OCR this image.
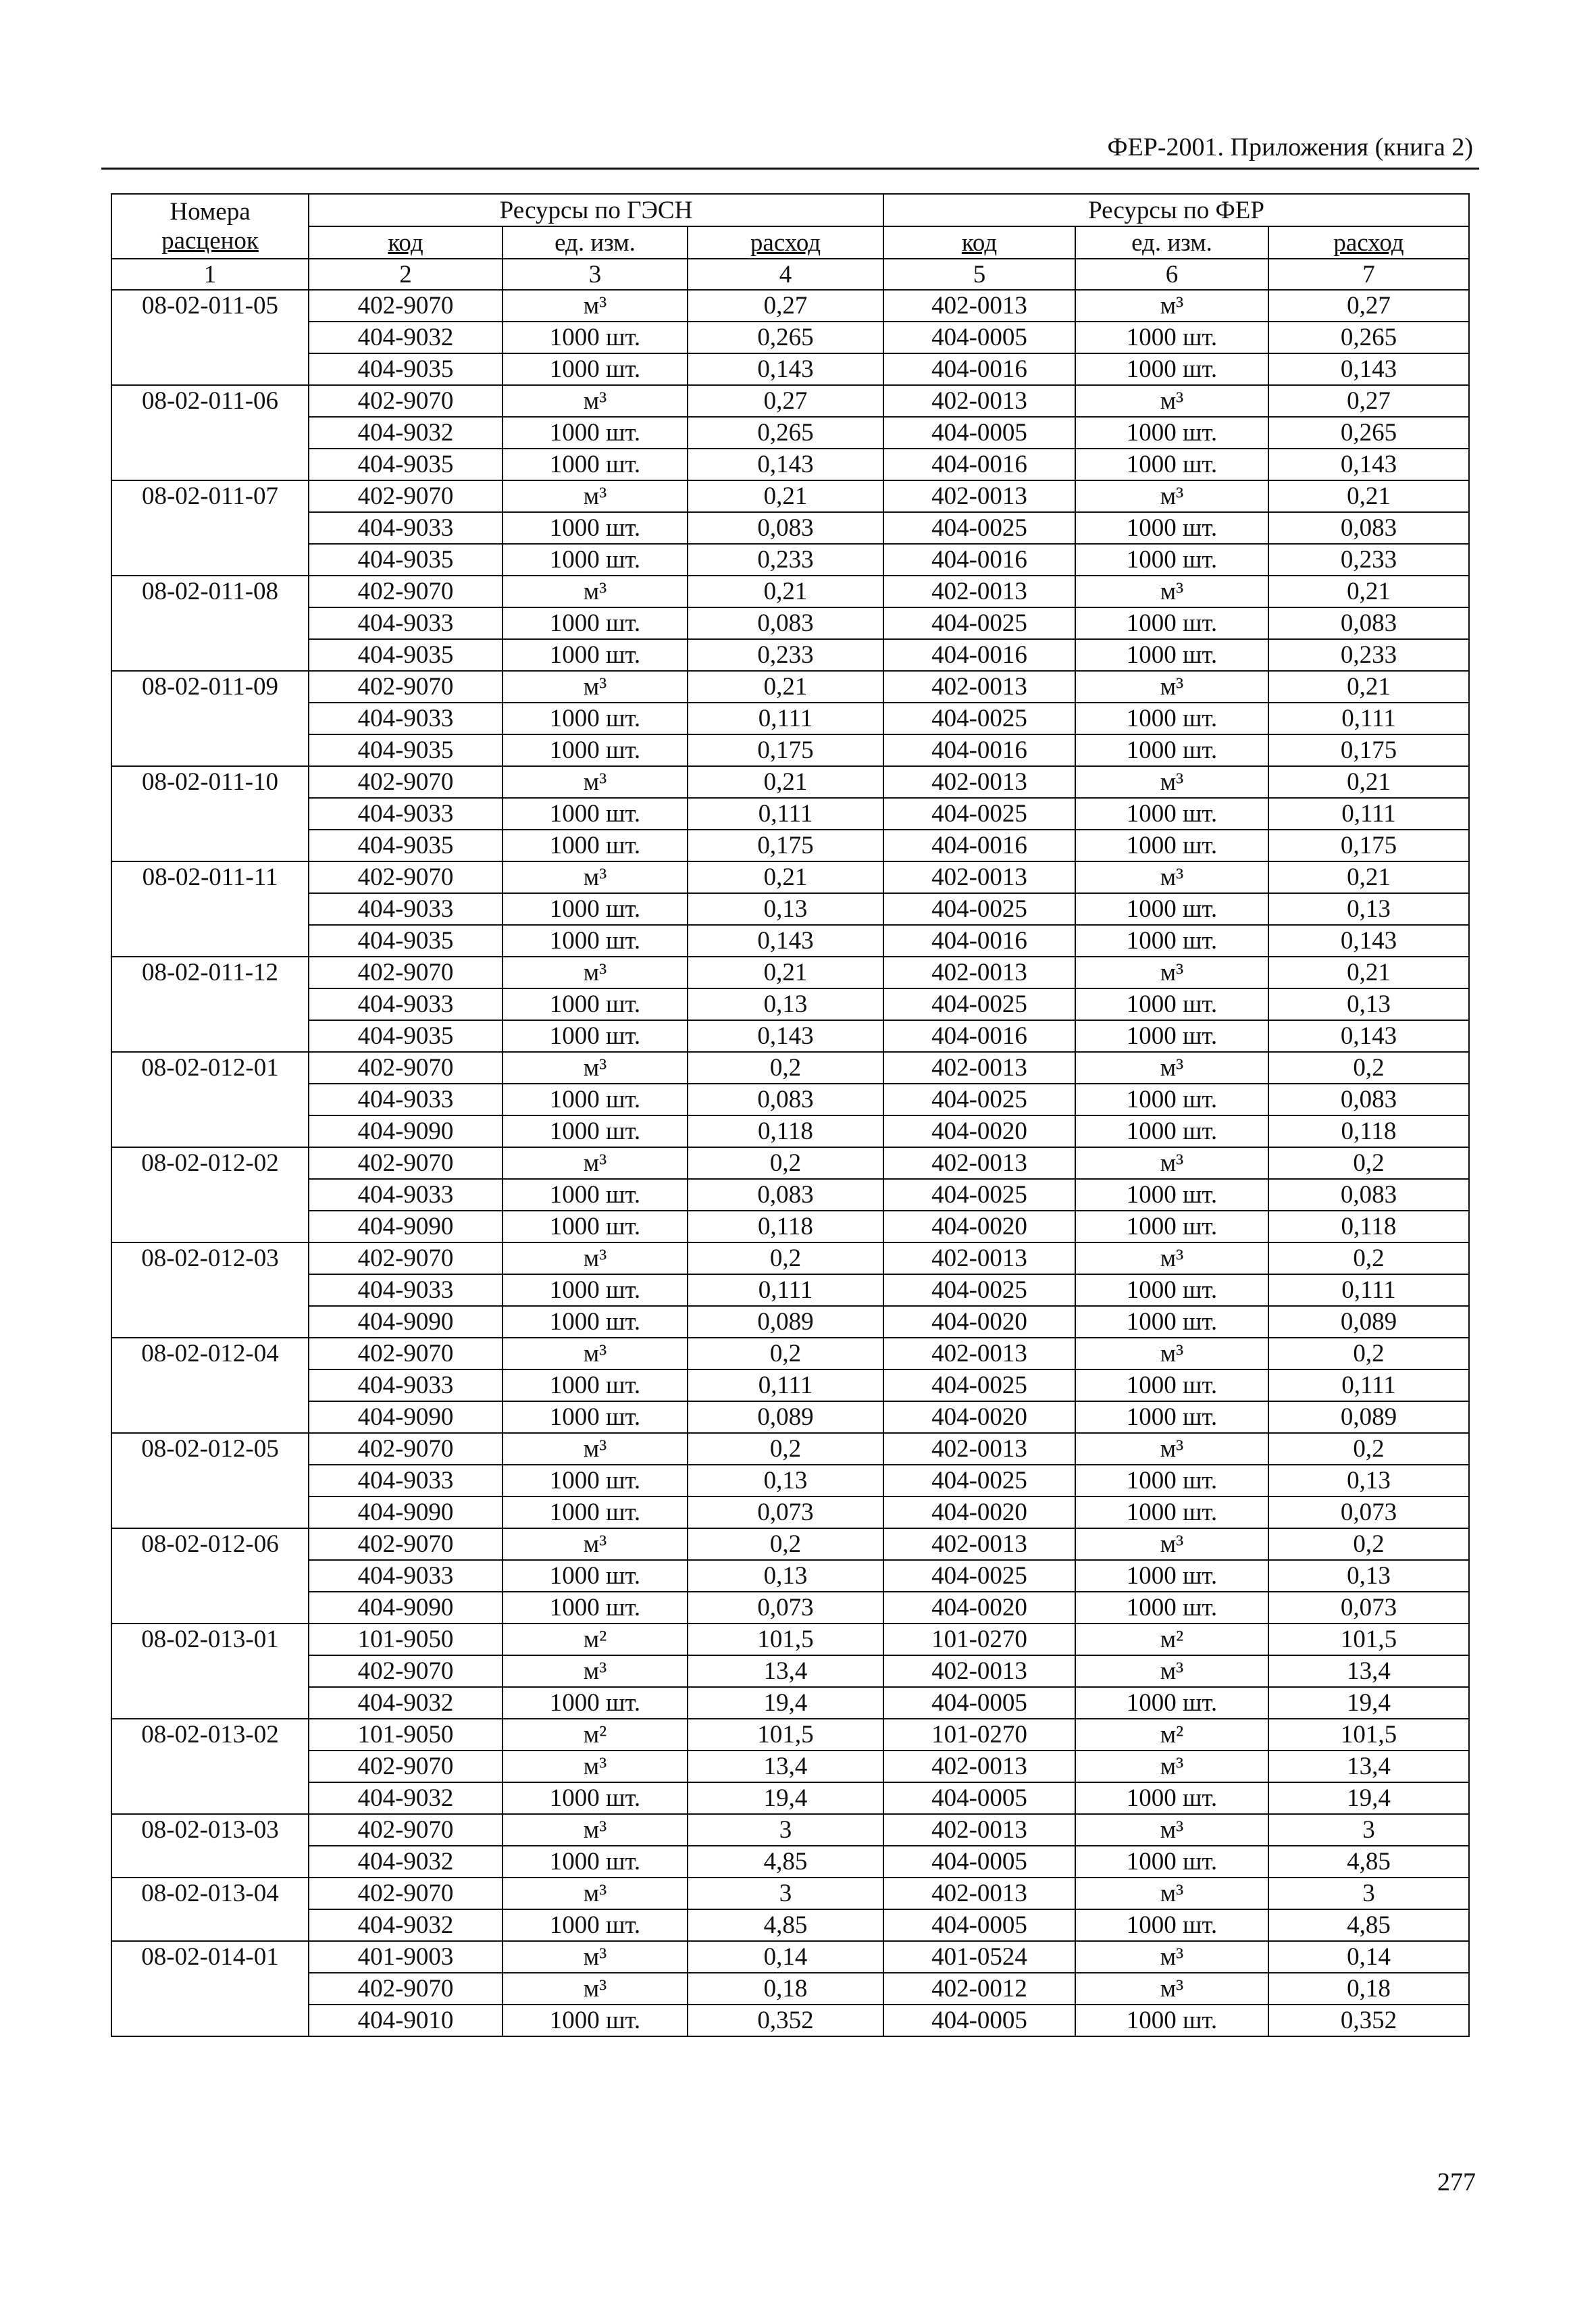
ФЕР-2001. Приложения (книга 2)
Номера
расценок	Ресурсы по ГЭСН			Ресурсы по ФЕР		
	код	ед. изм.	расход	код	ед. изм.	расход
1	2	3	4	5	6	7
08-02-011-05	402-9070	м³	0,27	402-0013	м³	0,27
	404-9032	1000 шт.	0,265	404-0005	1000 шт.	0,265
	404-9035	1000 шт.	0,143	404-0016	1000 шт.	0,143
08-02-011-06	402-9070	м³	0,27	402-0013	м³	0,27
	404-9032	1000 шт.	0,265	404-0005	1000 шт.	0,265
	404-9035	1000 шт.	0,143	404-0016	1000 шт.	0,143
08-02-011-07	402-9070	м³	0,21	402-0013	м³	0,21
	404-9033	1000 шт.	0,083	404-0025	1000 шт.	0,083
	404-9035	1000 шт.	0,233	404-0016	1000 шт.	0,233
08-02-011-08	402-9070	м³	0,21	402-0013	м³	0,21
	404-9033	1000 шт.	0,083	404-0025	1000 шт.	0,083
	404-9035	1000 шт.	0,233	404-0016	1000 шт.	0,233
08-02-011-09	402-9070	м³	0,21	402-0013	м³	0,21
	404-9033	1000 шт.	0,111	404-0025	1000 шт.	0,111
	404-9035	1000 шт.	0,175	404-0016	1000 шт.	0,175
08-02-011-10	402-9070	м³	0,21	402-0013	м³	0,21
	404-9033	1000 шт.	0,111	404-0025	1000 шт.	0,111
	404-9035	1000 шт.	0,175	404-0016	1000 шт.	0,175
08-02-011-11	402-9070	м³	0,21	402-0013	м³	0,21
	404-9033	1000 шт.	0,13	404-0025	1000 шт.	0,13
	404-9035	1000 шт.	0,143	404-0016	1000 шт.	0,143
08-02-011-12	402-9070	м³	0,21	402-0013	м³	0,21
	404-9033	1000 шт.	0,13	404-0025	1000 шт.	0,13
	404-9035	1000 шт.	0,143	404-0016	1000 шт.	0,143
08-02-012-01	402-9070	м³	0,2	402-0013	м³	0,2
	404-9033	1000 шт.	0,083	404-0025	1000 шт.	0,083
	404-9090	1000 шт.	0,118	404-0020	1000 шт.	0,118
08-02-012-02	402-9070	м³	0,2	402-0013	м³	0,2
	404-9033	1000 шт.	0,083	404-0025	1000 шт.	0,083
	404-9090	1000 шт.	0,118	404-0020	1000 шт.	0,118
08-02-012-03	402-9070	м³	0,2	402-0013	м³	0,2
	404-9033	1000 шт.	0,111	404-0025	1000 шт.	0,111
	404-9090	1000 шт.	0,089	404-0020	1000 шт.	0,089
08-02-012-04	402-9070	м³	0,2	402-0013	м³	0,2
	404-9033	1000 шт.	0,111	404-0025	1000 шт.	0,111
	404-9090	1000 шт.	0,089	404-0020	1000 шт.	0,089
08-02-012-05	402-9070	м³	0,2	402-0013	м³	0,2
	404-9033	1000 шт.	0,13	404-0025	1000 шт.	0,13
	404-9090	1000 шт.	0,073	404-0020	1000 шт.	0,073
08-02-012-06	402-9070	м³	0,2	402-0013	м³	0,2
	404-9033	1000 шт.	0,13	404-0025	1000 шт.	0,13
	404-9090	1000 шт.	0,073	404-0020	1000 шт.	0,073
08-02-013-01	101-9050	м²	101,5	101-0270	м²	101,5
	402-9070	м³	13,4	402-0013	м³	13,4
	404-9032	1000 шт.	19,4	404-0005	1000 шт.	19,4
08-02-013-02	101-9050	м²	101,5	101-0270	м²	101,5
	402-9070	м³	13,4	402-0013	м³	13,4
	404-9032	1000 шт.	19,4	404-0005	1000 шт.	19,4
08-02-013-03	402-9070	м³	3	402-0013	м³	3
	404-9032	1000 шт.	4,85	404-0005	1000 шт.	4,85
08-02-013-04	402-9070	м³	3	402-0013	м³	3
	404-9032	1000 шт.	4,85	404-0005	1000 шт.	4,85
08-02-014-01	401-9003	м³	0,14	401-0524	м³	0,14
	402-9070	м³	0,18	402-0012	м³	0,18
	404-9010	1000 шт.	0,352	404-0005	1000 шт.	0,352
277
